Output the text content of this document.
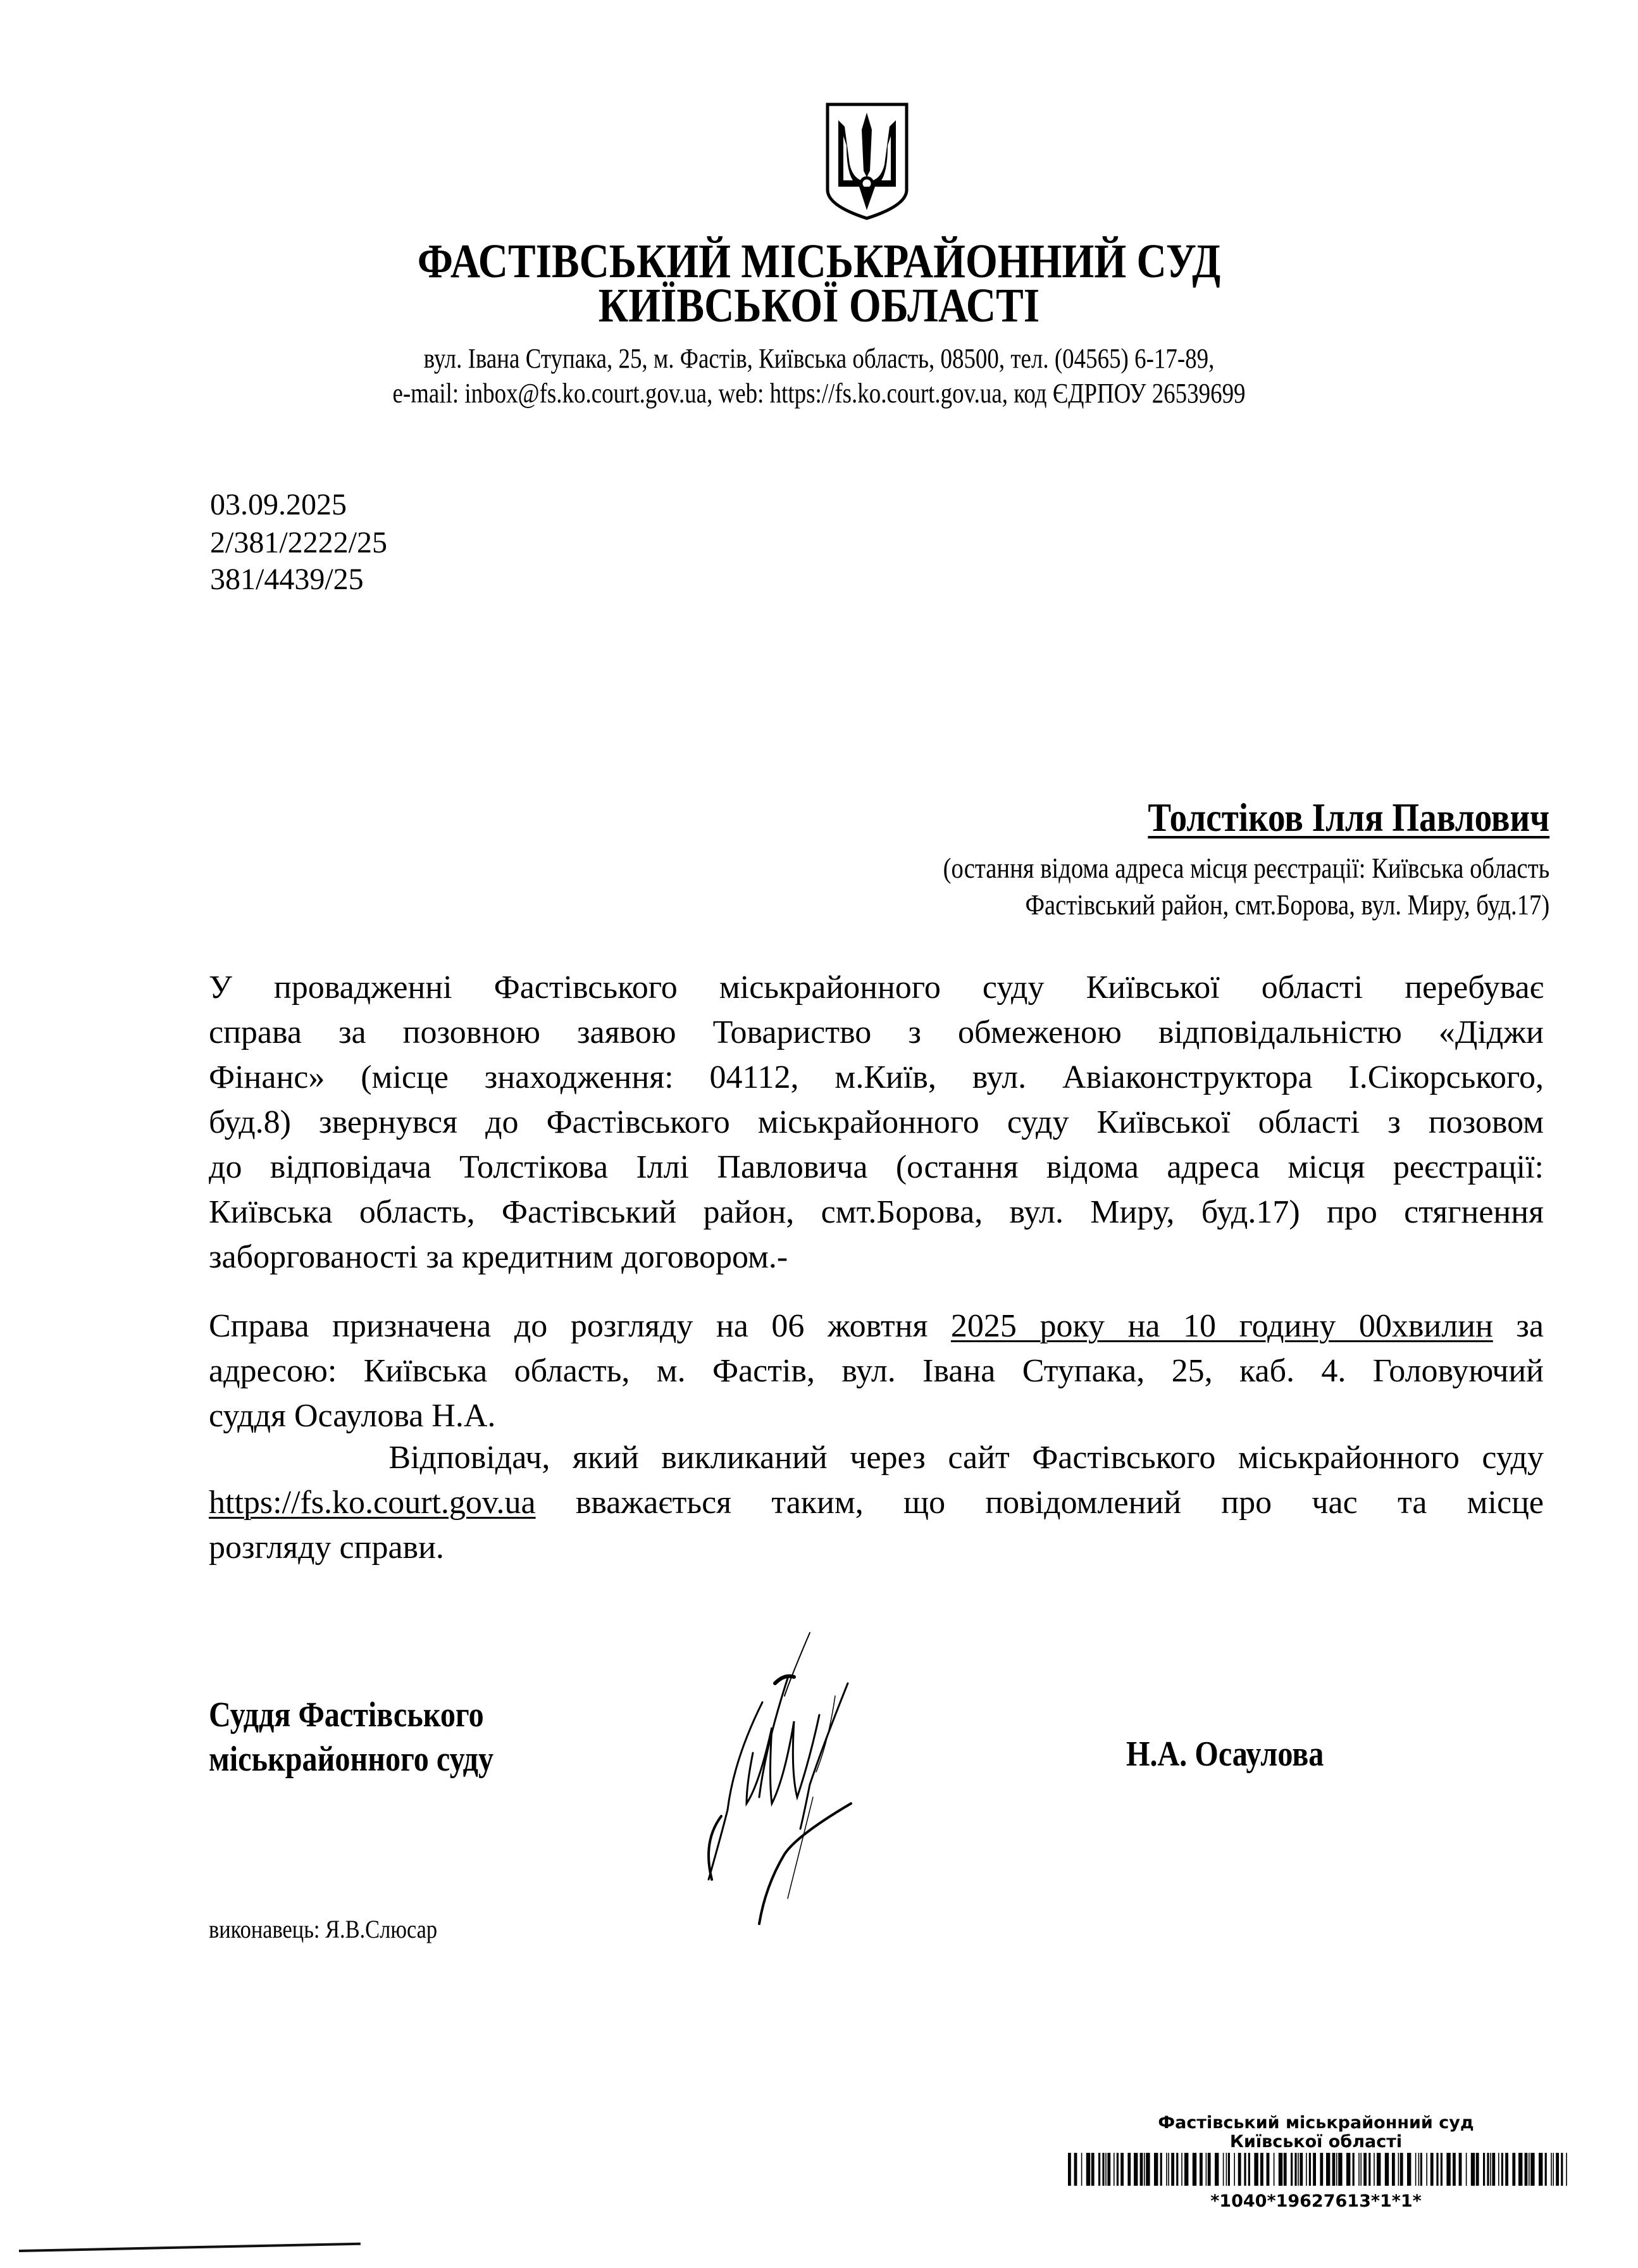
ФАСТІВСЬКИЙ МІСЬКРАЙОННИЙ СУД
КИЇВСЬКОЇ ОБЛАСТІ
вул. Івана Ступака, 25, м. Фастів, Київська область, 08500, тел. (04565) 6-17-89,
e-mail: inbox@fs.ko.court.gov.ua, web: https://fs.ko.court.gov.ua, код ЄДРПОУ 26539699
03.09.2025
2/381/2222/25
381/4439/25
Толстіков Ілля Павлович
(остання відома адреса місця реєстрації: Київська область
Фастівський район, смт.Борова, вул. Миру, буд.17)
У провадженні Фастівського міськрайонного суду Київської області перебуває
справа за позовною заявою Товариство з обмеженою відповідальністю «Діджи
Фінанс» (місце знаходження: 04112, м.Київ, вул. Авіаконструктора І.Сікорського,
буд.8) звернувся до Фастівського міськрайонного суду Київської області з позовом
до відповідача Толстікова Іллі Павловича (остання відома адреса місця реєстрації:
Київська область, Фастівський район, смт.Борова, вул. Миру, буд.17) про стягнення
заборгованості за кредитним договором.-
Справа призначена до розгляду на 06 жовтня 2025 року на 10 годину 00хвилин за
адресою: Київська область, м. Фастів, вул. Івана Ступака, 25, каб. 4. Головуючий
суддя Осаулова Н.А.
Відповідач, який викликаний через сайт Фастівського міськрайонного суду
https://fs.ko.court.gov.ua вважається таким, що повідомлений про час та місце
розгляду справи.
Суддя Фастівського
міськрайонного суду	Н.А. Осаулова
виконавець: Я.В.Слюсар
Фастівський міськрайонний суд
Київської області
*1040*19627613*1*1*
